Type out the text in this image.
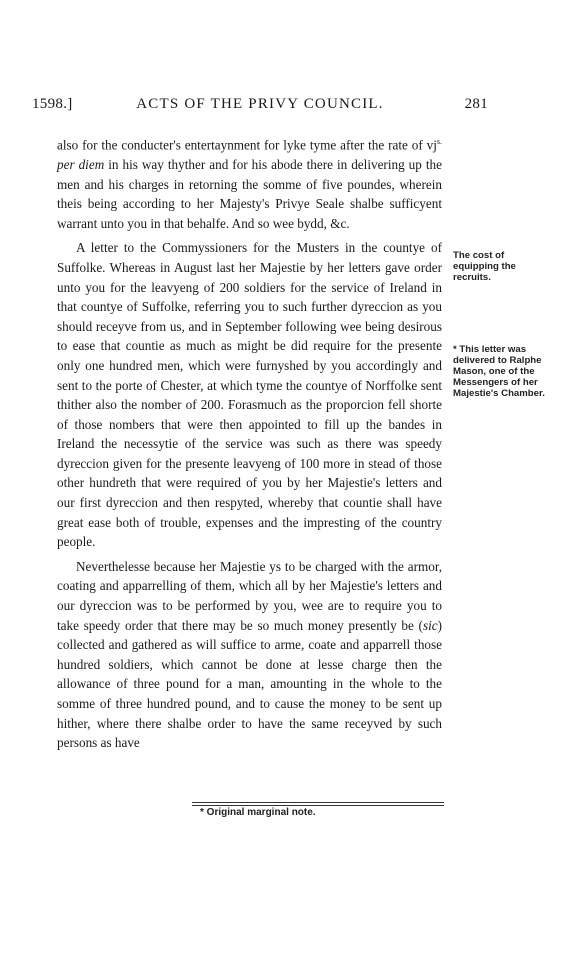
1598.]	ACTS OF THE PRIVY COUNCIL.	281

also for the conducter's entertaynment for lyke tyme after the rate of $vj^{s.}$ per diem in his way thyther and for his abode there in delivering up the men and his charges in retorning the somme of five poundes, wherein theis being according to her Majesty's Privye Seale shalbe sufficyent warrant unto you in that behalfe. And so wee bydd, &c.

A letter to the Commyssioners for the Musters in the countye of Suffolke. Whereas in August last her Majestie by her letters gave order unto you for the leavyeng of 200 soldiers for the service of Ireland in that countye of Suffolke, referring you to such further dyreccion as you should receyve from us, and in September following wee being desirous to ease that countie as much as might be did require for the presente only one hundred men, which were furnyshed by you accordingly and sent to the porte of Chester, at which tyme the countye of Norffolke sent thither also the nomber of 200. Forasmuch as the proporcion fell shorte of those nombers that were then appointed to fill up the bandes in Ireland the necessytie of the service was such as there was speedy dyreccion given for the presente leavyeng of 100 more in stead of those other hundreth that were required of you by her Majestie's letters and our first dyreccion and then respyted, whereby that countie shall have great ease both of trouble, expenses and the impresting of the country people.

Neverthelesse because her Majestie ys to be charged with the armor, coating and apparrelling of them, which all by her Majestie's letters and our dyreccion was to be performed by you, wee are to require you to take speedy order that there may be so much money presently be (sic) collected and gathered as will suffice to arme, coate and apparrell those hundred soldiers, which cannot be done at lesse charge then the allowance of three pound for a man, amounting in the whole to the somme of three hundred pound, and to cause the money to be sent up hither, where there shalbe order to have the same receyved by such persons as have

The cost of equipping the recruits.
* This letter was delivered to Ralphe Mason, one of the Messengers of her Majestie's Chamber.
* Original marginal note.
